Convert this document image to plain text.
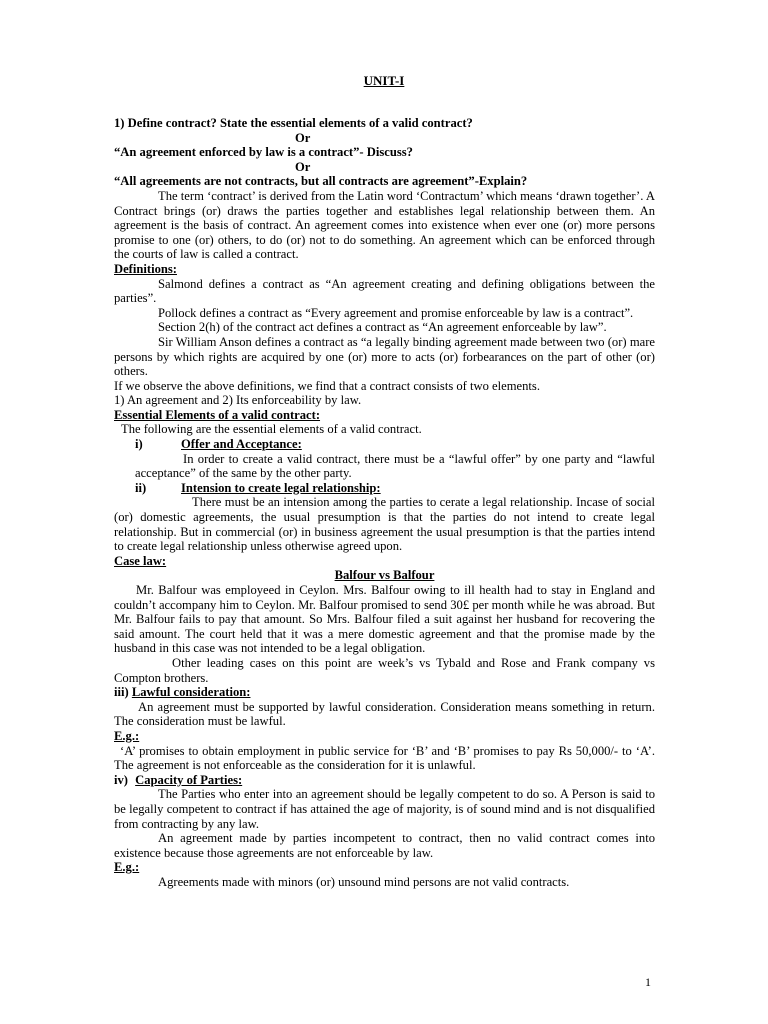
UNIT-I

1) Define contract? State the essential elements of a valid contract?

Or

“An agreement enforced by law is a contract”- Discuss?

Or

“All agreements are not contracts, but all contracts are agreement”-Explain?

The term ‘contract’ is derived from the Latin word ‘Contractum’ which means ‘drawn together’. A Contract brings (or) draws the parties together and establishes legal relationship between them. An agreement is the basis of contract. An agreement comes into existence when ever one (or) more persons promise to one (or) others, to do (or) not to do something. An agreement which can be enforced through the courts of law is called a contract.

Definitions:

Salmond defines a contract as “An agreement creating and defining obligations between the parties”.

Pollock defines a contract as “Every agreement and promise enforceable by law is a contract”.

Section 2(h) of the contract act defines a contract as “An agreement enforceable by law”.

Sir William Anson defines a contract as “a legally binding agreement made between two (or) mare persons by which rights are acquired by one (or) more to acts (or) forbearances on the part of other (or) others.

If we observe the above definitions, we find that a contract consists of two elements.

1) An agreement and 2) Its enforceability by law.

Essential Elements of a valid contract:

The following are the essential elements of a valid contract.

i)	Offer and Acceptance:

In order to create a valid contract, there must be a “lawful offer” by one party and “lawful acceptance” of the same by the other party.

ii)	Intension to create legal relationship:

There must be an intension among the parties to cerate a legal relationship. Incase of social (or) domestic agreements, the usual presumption is that the parties do not intend to create legal relationship. But in commercial (or) in business agreement the usual presumption is that the parties intend to create legal relationship unless otherwise agreed upon.

Case law:

Balfour vs Balfour

Mr. Balfour was employeed in Ceylon. Mrs. Balfour owing to ill health had to stay in England and couldn’t accompany him to Ceylon. Mr. Balfour promised to send 30£ per month while he was abroad. But Mr. Balfour fails to pay that amount. So Mrs. Balfour filed a suit against her husband for recovering the said amount. The court held that it was a mere domestic agreement and that the promise made by the husband in this case was not intended to be a legal obligation.

Other leading cases on this point are week’s vs Tybald and Rose and Frank company vs Compton brothers.

iii) Lawful consideration:

An agreement must be supported by lawful consideration. Consideration means something in return. The consideration must be lawful.

E.g.:

‘A’ promises to obtain employment in public service for ‘B’ and ‘B’ promises to pay Rs 50,000/- to ‘A’. The agreement is not enforceable as the consideration for it is unlawful.

iv) Capacity of Parties:

The Parties who enter into an agreement should be legally competent to do so. A Person is said to be legally competent to contract if has attained the age of majority, is of sound mind and is not disqualified from contracting by any law.

An agreement made by parties incompetent to contract, then no valid contract comes into existence because those agreements are not enforceable by law.

E.g.:

Agreements made with minors (or) unsound mind persons are not valid contracts.

1
